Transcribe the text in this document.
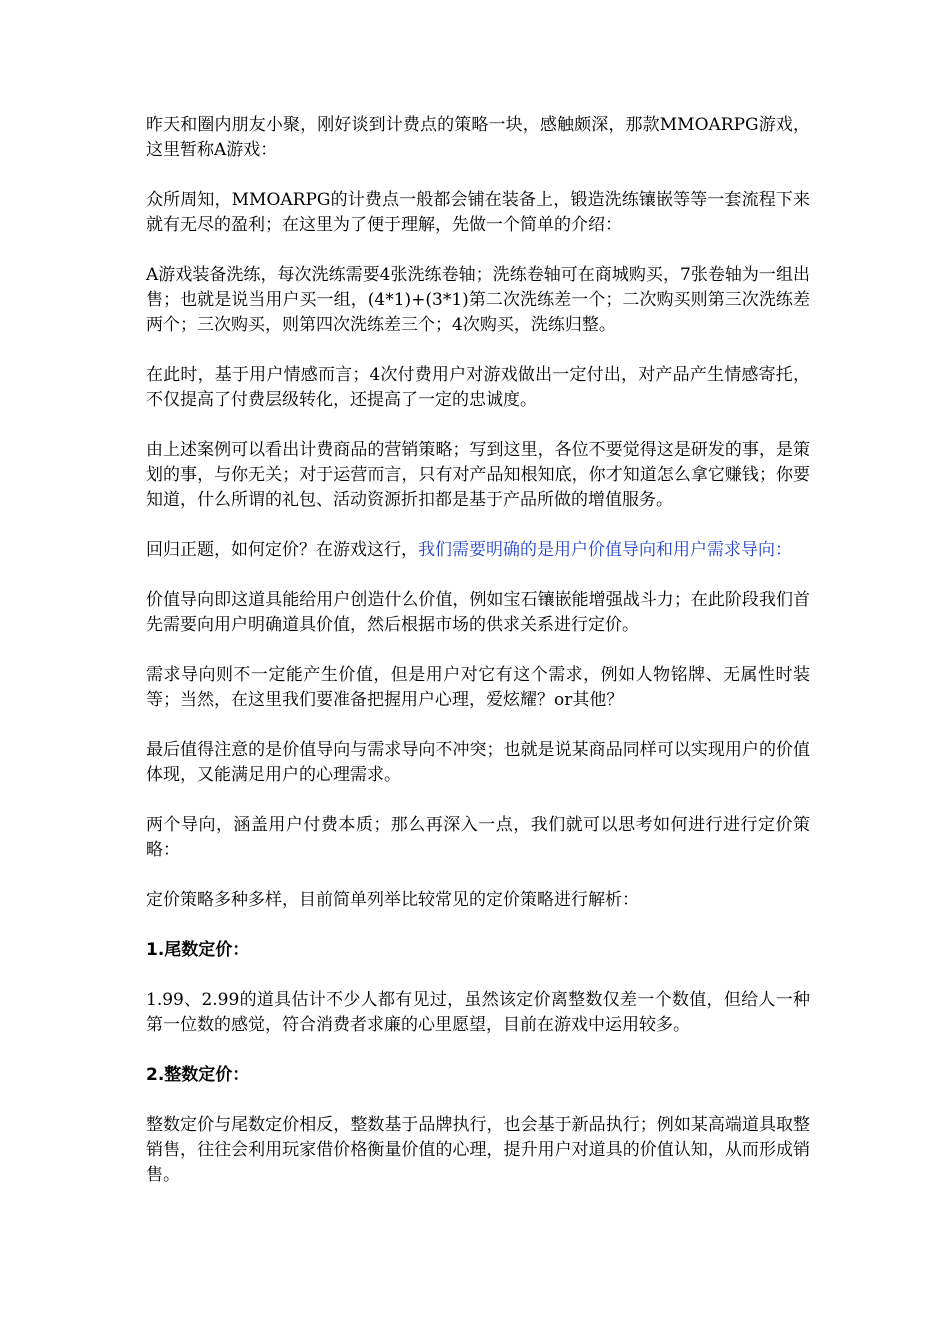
昨天和圈内朋友小聚，刚好谈到计费点的策略一块，感触颇深，那款MMOARPG游戏，这里暂称A游戏：

众所周知，MMOARPG的计费点一般都会铺在装备上，锻造洗练镶嵌等等一套流程下来就有无尽的盈利；在这里为了便于理解，先做一个简单的介绍：

A游戏装备洗练，每次洗练需要4张洗练卷轴；洗练卷轴可在商城购买，7张卷轴为一组出售；也就是说当用户买一组，(4*1)+(3*1)第二次洗练差一个；二次购买则第三次洗练差两个；三次购买，则第四次洗练差三个；4次购买，洗练归整。

在此时，基于用户情感而言；4次付费用户对游戏做出一定付出，对产品产生情感寄托，不仅提高了付费层级转化，还提高了一定的忠诚度。

由上述案例可以看出计费商品的营销策略；写到这里，各位不要觉得这是研发的事，是策划的事，与你无关；对于运营而言，只有对产品知根知底，你才知道怎么拿它赚钱；你要知道，什么所谓的礼包、活动资源折扣都是基于产品所做的增值服务。

回归正题，如何定价？在游戏这行，我们需要明确的是用户价值导向和用户需求导向：

价值导向即这道具能给用户创造什么价值，例如宝石镶嵌能增强战斗力；在此阶段我们首先需要向用户明确道具价值，然后根据市场的供求关系进行定价。

需求导向则不一定能产生价值，但是用户对它有这个需求，例如人物铭牌、无属性时装等；当然，在这里我们要准备把握用户心理，爱炫耀？or其他？

最后值得注意的是价值导向与需求导向不冲突；也就是说某商品同样可以实现用户的价值体现，又能满足用户的心理需求。

两个导向，涵盖用户付费本质；那么再深入一点，我们就可以思考如何进行进行定价策略：

定价策略多种多样，目前简单列举比较常见的定价策略进行解析：

1.尾数定价：

1.99、2.99的道具估计不少人都有见过，虽然该定价离整数仅差一个数值，但给人一种第一位数的感觉，符合消费者求廉的心里愿望，目前在游戏中运用较多。

2.整数定价：

整数定价与尾数定价相反，整数基于品牌执行，也会基于新品执行；例如某高端道具取整销售，往往会利用玩家借价格衡量价值的心理，提升用户对道具的价值认知，从而形成销售。
